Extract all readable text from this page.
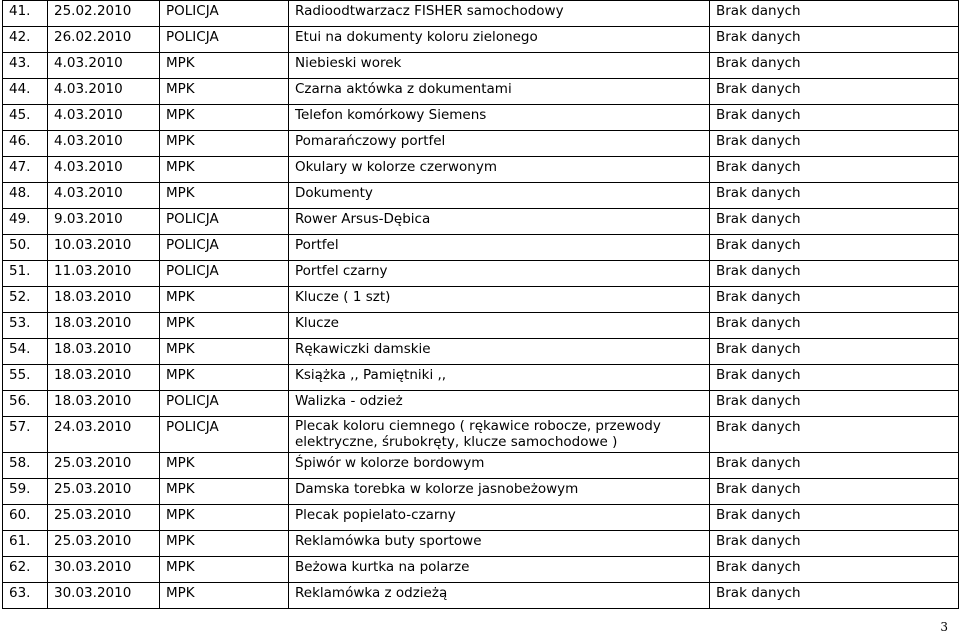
41.	25.02.2010	POLICJA	Radioodtwarzacz FISHER samochodowy	Brak danych
42.	26.02.2010	POLICJA	Etui na dokumenty koloru zielonego	Brak danych
43.	4.03.2010	MPK	Niebieski worek	Brak danych
44.	4.03.2010	MPK	Czarna aktówka z dokumentami	Brak danych
45.	4.03.2010	MPK	Telefon komórkowy Siemens	Brak danych
46.	4.03.2010	MPK	Pomarańczowy portfel	Brak danych
47.	4.03.2010	MPK	Okulary w kolorze czerwonym	Brak danych
48.	4.03.2010	MPK	Dokumenty	Brak danych
49.	9.03.2010	POLICJA	Rower Arsus-Dębica	Brak danych
50.	10.03.2010	POLICJA	Portfel	Brak danych
51.	11.03.2010	POLICJA	Portfel czarny	Brak danych
52.	18.03.2010	MPK	Klucze ( 1 szt)	Brak danych
53.	18.03.2010	MPK	Klucze	Brak danych
54.	18.03.2010	MPK	Rękawiczki damskie	Brak danych
55.	18.03.2010	MPK	Książka ,, Pamiętniki ,,	Brak danych
56.	18.03.2010	POLICJA	Walizka - odzież	Brak danych
57.	24.03.2010	POLICJA	Plecak koloru ciemnego ( rękawice robocze, przewody elektryczne, śrubokręty, klucze samochodowe )	Brak danych
58.	25.03.2010	MPK	Śpiwór w kolorze bordowym	Brak danych
59.	25.03.2010	MPK	Damska torebka w kolorze jasnobeżowym	Brak danych
60.	25.03.2010	MPK	Plecak popielato-czarny	Brak danych
61.	25.03.2010	MPK	Reklamówka buty sportowe	Brak danych
62.	30.03.2010	MPK	Beżowa kurtka na polarze	Brak danych
63.	30.03.2010	MPK	Reklamówka z odzieżą	Brak danych
3
